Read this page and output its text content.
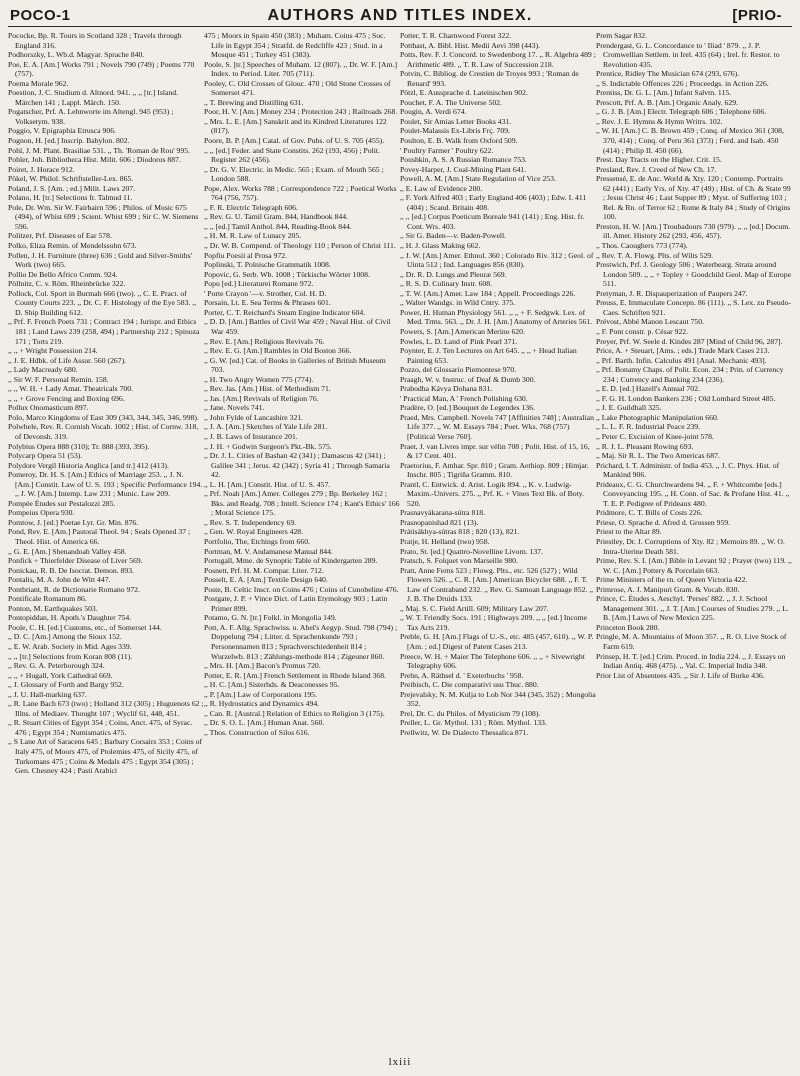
POCO-1	AUTHORS AND TITLES INDEX.	[PRIO-

Pococke, Bp. R. Tours in Scotland 328 ; Travels through England 316.

Podhorszky, L. Wb.d. Magyar. Sprache 840.

Poe, E. A. [Am.] Works 791 ; Novels 790 (749) ; Poems 770 (757).

Poema Morale 962.

Poestion, J. C. Studium d. Altnord. 941. ,, ,, [tr.] Island. Märchen 141 ; Lappl. Märch. 150.

Pogatscher, Prf. A. Lehnworte im Altengl. 945 (953) ; Volksetym. 938.

Poggio, V. Epigraphia Etrusca 906.

Pognon, H. [ed.] Inscrip. Babylon. 802.

Pohl, J. M. Plant. Brasiliae 531. ,, Th. 'Roman de Rou' 995.

Pohler, Joh. Bibliotheca Hist. Milit. 606 ; Diodoros 887.

Poiret, J. Horace 912.

Pökel, W. Philol. Schriftsteller-Lex. 865.

Poland, J. S. [Am. ; ed.] Milit. Laws 207.

Polano, H. [tr.] Selections fr. Talmud 11.

Pole, Dr. Wm. Sir W. Fairbairn 596 ; Philos. of Music 675 (494), of Whist 699 ; Scient. Whist 699 ; Sir C. W. Siemens 596.

Politzer, Prf. Diseases of Ear 578.

Polko, Eliza Remin. of Mendelssohn 673.

Pollen, J. H. Furniture (three) 636 ; Gold and Silver-Smiths' Work (two) 665.

Pollio De Bello Africo Comm. 924.

Pöllnitz, C. v. Röm. Rheinbrücke 322.

Pollock, Col. Sport in Burmah 666 (two). ,, C. E. Pract. of County Courts 223. ,, Dr. C. F. Histology of the Eye 583. ,, D. Ship Building 612.

,, Prf. F. French Poets 731 ; Contract 194 ; Jurispr. and Ethics 181 ; Land Laws 239 (258, 494) ; Partnership 212 ; Spinoza 171 ; Torts 219.

,, ,, + Wright Possession 214.

,, J. E. Hdbk. of Life Assur. 560 (267).

,, Lady Macready 680.

,, Sir W. F. Personal Remin. 158.

,, ,, W. H. + Lady Amat. Theatricals 700.

,, ,, + Grove Fencing and Boxing 696.

Pollux Onomasticum 897.

Polo, Marco Kingdoms of East 309 (343, 344, 345, 346, 998).

Polwhele, Rev. R. Cornish Vocab. 1002 ; Hist. of Cornw. 318, of Devonsh. 319.

Polybius Opera 888 (310); Tr. 888 (393, 395).

Polycarp Opera 51 (53).

Polydore Vergil Historia Anglica [and tr.] 412 (413).

Pomeroy, Dr. H. S. [Am.] Ethics of Marriage 253. ,, J. N. [Am.] Constit. Law of U. S. 193 ; Specific Performance 194. ,, J. W. [Am.] Intemp. Law 231 ; Munic. Law 209.

Pompée Études sur Pestalozzi 285.

Pompeius Opera 930.

Pomtow, J. [ed.] Poetae Lyr. Gr. Min. 876.

Pond, Rev. E. [Am.] Pastoral Theol. 94 ; Seals Opened 37 ; Theol. Hist. of America 66.

,, G. E. [Am.] Shenandoah Valley 458.

Ponfick + Thierfelder Disease of Liver 569.

Ponickau, R. B. De Isocrat. Demon. 893.

Pontalis, M. A. John de Witt 447.

Pontbriant, R. de Dictionarie Romano 972.

Pontificale Romanum 86.

Ponton, M. Earthquakes 503.

Pontopiddan, H. Apoth.'s Daughter 754.

Poole, C. H. [ed.] Customs, etc., of Somerset 144.

,, D. C. [Am.] Among the Sioux 152.

,, E. W. Arab. Society in Mid. Ages 339.

,, ,, [tr.] Selections from Koran 808 (11).

,, Rev. G. A. Peterborough 324.

,, ,, + Hugall, York Cathedral 669.

,, J. Glossary of Forth and Bargy 952.

,, J. U. Hall-marking 637.

,, R. Lane Bach 673 (two) ; Holland 312 (305) ; Huguenots 62 ; Illns. of Mediaev. Thought 107 ; Wyclif 61, 448, 451.

,, R. Stuart Cities of Egypt 354 ; Coins, Anct. 475, of Syrac. 476 ; Egypt 354 ; Numismatics 475.

,, S Lane Art of Saracens 645 ; Barbary Corsairs 353 ; Coins of Italy 475, of Moors 475, of Ptolemies 475, of Sicily 475, of Turkomans 475 ; Coins & Medals 475 ; Egypt 354 (305) ; Gen. Chesney 424 ; Pasti Arabici

475 ; Moors in Spain 450 (383) ; Muham. Coins 475 ; Soc. Life in Egypt 354 ; Stratfd. de Redcliffe 423 ; Stud. in a Mosque 451 ; Turkey 451 (383).

Poole, S. [tr.] Speeches of Muham. 12 (807). ,, Dr. W. F. [Am.] Index. to Period. Liter. 705 (711).

Pooley, C. Old Crosses of Glouc. 470 ; Old Stone Crosses of Somerset 471.

,, T. Brewing and Distilling 631.

Poor, H. V. [Am.] Money 234 ; Protection 243 ; Railroads 268.

,, Mrs. L. E. [Am.] Sanskrit and its Kindred Literatures 122 (817).

Poore, B. P. [Am.] Catal. of Gov. Pubs. of U. S. 705 (455).

,, ,, [ed.] Feder. and State Constits. 262 (193, 456) ; Polit. Register 262 (456).

,, Dr. G. V. Electric. in Medic. 565 ; Exam. of Mouth 565 ; London 588.

Pope, Alex. Works 788 ; Correspondence 722 ; Poetical Works 764 (756, 757).

,, F. R. Electric Telegraph 606.

,, Rev. G. U. Tamil Gram. 844, Handbook 844.

,, ,, [ed.] Tamil Anthol. 844, Reading-Book 844.

,, H. M. R. Law of Lunacy 205.

,, Dr. W. B. Compend. of Theology 110 ; Person of Christ 111.

Popfiu Poesii al Prosa 972.

Poplinski, T. Polnische Grammatik 1008.

Popovic, G. Serb. Wb. 1008 ; Türkische Wörter 1008.

Popu [ed.] Literaturei Romane 972.

' Porte Crayon '—v. Strother, Col. H. D.

Porsain, Lt. E. Sea Terms & Phrases 601.

Porter, C. T. Reichard's Steam Engine Indicator 604.

,, D. D. [Am.] Battles of Civil War 459 ; Naval Hist. of Civil War 459.

,, Rev. E. [Am.] Religious Revivals 76.

,, Rev. E. G. [Am.] Rambles in Old Boston 366.

,, G. W. [ed.] Cat. of Books in Galleries of British Museum 703.

,, H. Two Angry Women 775 (774).

,, Rev. Jas. [Am.] Hist. of Methodism 71.

,, Jas. [Am.] Revivals of Religion 76.

,, Jane. Novels 741.

,, John Fylde of Lancashire 321.

,, J. A. [Am.] Sketches of Yale Life 281.

,, J. B. Laws of Insurance 201.

,, J. H. + Godwin Surgeon's Pkt.-Bk. 575.

,, Dr. J. L. Cities of Bashan 42 (341) ; Damascus 42 (341) ; Galilee 341 ; Jerus. 42 (342) ; Syria 41 ; Through Samaria 42.

,, L. H. [Am.] Constit. Hist. of U. S. 457.

,, Prf. Noah [Am.] Amer. Colleges 279 ; Bp. Berkeley 162 ; Bks. and Readg. 708 ; Intell. Science 174 ; Kant's Ethics' 166 ; Moral Science 175.

,, Rev. S. T. Independency 69.

,, Gen. W. Royal Engineers 428.

Portfolio, The, Etchings from 660.

Portman, M. V. Andamanese Manual 844.

Portugall, Mme. de Synoptic Table of Kindergarten 289.

Posnett, Prf. H. M. Compar. Liter. 712.

Posselt, E. A. [Am.] Textile Design 640.

Poste, B. Celtic Inscr. on Coins 476 ; Coins of Cunobeline 476.

Postgate, J. P. + Vince Dict. of Latin Etymology 903 ; Latin Primer 899.

Potamo, G. N. [tr.] Folkl. in Mongolia 149.

Pott, A. F. Allg. Sprachwiss. u. Abel's Aegyp. Stud. 798 (794) ; Doppelung 794 ; Litter. d. Sprachenkunde 793 ; Personennamen 813 ; Sprachverschiedenheit 814 ; Wurzelwb. 813 ; Zählungs-methode 814 ; Zigeuner 860.

,, Mrs. H. [Am.] Bacon's Promus 720.

Potter, E. R. [Am.] French Settlement in Rhode Island 368.

,, H. C. [Am.] Sisterhds. & Deaconesses 95.

,, P. [Am.] Law of Corporations 195.

,, R. Hydrostatics and Dynamics 494.

,, Can. R. [Austral.] Relation of Ethics to Religion 3 (175).

,, Dr. S. O. L. [Am.] Human Anat. 560.

,, Thos. Construction of Silos 616.

Potter, T. R. Charnwood Forest 322.

Potthast, A. Bibl. Hist. Medii Aevi 398 (443).

Potts, Rev. F. J. Concord. to Swedenborg 17. ,, R. Algebra 489 ; Arithmetic 489. ,, T. R. Law of Succession 218.

Potvin, C. Bibliog. de Crestien de Troyes 993 ; 'Roman de Renard' 993.

Pötzl, E. Aussprache d. Lateinischen 902.

Pouchet, F. A. The Universe 502.

Pougin, A. Verdi 674.

Poulet, Sir Amias Letter Books 431.

Poulet-Malassis Ex-Libris Frç. 709.

Poulton, E. B. Walk from Oxford 509.

' Poultry Farmer ' Poultry 622.

Poushkin, A. S. A Russian Romance 753.

Povey-Harper, J. Coal-Mining Plant 641.

Powell, A. M. [Am.] State Regulation of Vice 253.

,, E. Law of Evidence 200.

,, F. York Alfred 403 ; Early England 406 (403) ; Edw. I. 411 (404) ; Scand. Britain 408.

,, ,, [ed.] Corpus Poeticum Boreale 941 (141) ; Eng. Hist. fr. Cont. Wrs. 403.

,, Sir G. Baden—v. Baden-Powell.

,, H. J. Glass Making 662.

,, J. W. [Am.] Amer. Ethnol. 360 ; Colorado Riv. 312 ; Geol. of Uinta 512 ; Ind. Languages 856 (830).

,, Dr. R. D. Lungs and Pleuræ 569.

,, R. S. D. Culinary Instr. 608.

,, T. W. [Am.] Amer. Law 184 ; Appell. Proceedings 226.

,, Walter Wandgs. in Wild Cntry. 375.

Power, H. Human Physiology 561. ,, ,, + F. Sedgwk. Lex. of Med. Trms. 563. ,, Dr. J. H. [Am.] Anatomy of Arteries 561.

Powers, S. [Am.] American Merino 620.

Powles, L. D. Land of Pink Pearl 371.

Poynter, E. J. Ten Lectures on Art 645. ,, ,, + Head Italian Painting 653.

Pozzo, del Glossario Piemontese 970.

Praagh, W. v. Instruc. of Deaf & Dumb 300.

Prabodha Kávya Dohana 831.

' Practical Man, A ' French Polishing 630.

Pradère, O. [ed.] Bouquet de Legendes 136.

Praed, Mrs. Campbell. Novels 747 [Affinities 748] ; Australian Life 377. ,, W. M. Essays 784 ; Poet. Wks. 768 (757) [Political Verse 760].

Praet, J. van Livres impr. sur vélin 708 ; Polit. Hist. of 15, 16, & 17 Cent. 401.

Praetorius, F. Amhar. Spr. 810 ; Gram. Aethiop. 809 ; Himjar. Inschr. 805 ; Tigriña Gramm. 810.

Prantl, C. Entwick. d. Arist. Logik 894. ,, K. v. Ludwig-Maxim.-Univers. 275. ,, Prf. K. + Vines Text Bk. of Boty. 520.

Prasnavyákarana-sútra 818.

Prasnopanishad 821 (13).

Prátisákhya-sútras 818 ; 820 (13), 821.

Pratje, H. Helland (two) 958.

Prato, St. [ed.] Quattro-Novelline Livorn. 137.

Pratsch, S. Folquet von Marseille 980.

Pratt, Anne Ferns 523 ; Flowg. Plts., etc. 526 (527) ; Wild Flowers 526. ,, C. R. [Am.] American Bicycler 688. ,, F. T. Law of Contraband 232. ,, Rev. G. Samoan Language 852. ,, J. B. The Druids 133.

,, Maj. S. C. Field Artill. 609; Military Law 207.

,, W. T. Friendly Socs. 191 ; Highways 209. ,, ,, [ed.] Income Tax Acts 219.

Preble, G. H. [Am.] Flags of U.-S., etc. 485 (457, 610). ,, W. P. [Am. ; ed.] Digest of Patent Cases 213.

Preece, W. H. + Maier The Telephone 606. ,, ,, + Sivewright Telegraphy 606.

Prehn, A. Räthsel d. ' Exeterbuchs ' 958.

Preibisch, C. Die comparativi usu Thuc. 880.

Prejevalsky, N. M. Kulja to Lob Nor 344 (345, 352) ; Mongolia 352.

Prel, Dr. C. du Philos. of Mysticism 79 (108).

Preller, L. Gr. Mythol. 131 ; Röm. Mythol. 133.

Prellwitz, W. De Dialecto Thessalica 871.

Prem Sagar 832.

Prendergast, G. L. Concordance to ' Iliad ' 879. ,, J. P. Cromwellian Settlem. in Irel. 435 (64) ; Irel. fr. Restor. to Revolution 435.

Prentice, Ridley The Musician 674 (293, 676).

,, S. Indictable Offences 226 ; Proceedgs. in Action 226.

Prentiss, Dr. G. L. [Am.] Infant Salvtn. 115.

Prescott, Prf. A. B. [Am.] Organic Analy. 629.

,, G. J. B. [Am.] Electr. Telegraph 606 ; Telephone 606.

,, Rev. J. E. Hymns & Hymn Writrs. 102.

,, W. H. [Am.] C. B. Brown 459 ; Conq. of Mexico 361 (308, 370, 414) ; Conq. of Peru 361 (373) ; Ferd. and Isab. 450 (414) ; Philip II. 450 (66).

Prest. Day Tracts on the Higher. Crit. 15.

Presland, Rev. J. Creed of New Ch. 17.

Pressensé, E. de Anc. World & Xty. 120 ; Contemp. Portraits 62 (441) ; Early Yrs. of Xty. 47 (49) ; Hist. of Ch. & State 99 ; Jesus Christ 46 ; Last Supper 89 ; Myst. of Suffering 103 ; Rel. & Rn. of Terror 62 ; Rome & Italy 84 ; Study of Origins 100.

Preston, H. W. [Am.] Troubadours 730 (979). ,, ,, [ed.] Docum. ill. Amer. History 262 (293, 456, 457).

,, Thos. Caoughers 773 (774).

,, Rev. T. A. Flowg. Plts. of Wilts 529.

Prestwich, Prf. J. Geology 506 ; Waterbearg. Strata around London 509. ,, ,, + Topley + Goodchild Geol. Map of Europe 511.

Pretyman, J. R. Dispauperization of Paupers 247.

Preuss, E. Immaculate Concepn. 86 (111). ,, S. Lex. zu Pseudo-Caes. Schriften 921.

Prévost, Abbé Manon Lescaut 750.

,, F. Pont constr. p. César 922.

Preyer, Prf. W. Seele d. Kindes 287 [Mind of Child 96, 287].

Price, A. + Steuart, [Ams. ; eds.] Trade Mark Cases 213.

,, Prf. Barth. Infin. Calculus 491 [Anal. Mechanic 493].

,, Prf. Bonamy Chaps. of Polit. Econ. 234 ; Prin. of Currency 234 ; Currency and Banking 234 (236).

,, E. D. [ed.] Hazell's Annual 702.

,, F. G. H. London Bankers 236 ; Old Lombard Street 485.

,, J. E. Guildhall 325.

,, Lake Photographic Manipulation 660.

,, L. L. F. R. Industrial Peace 239.

,, Peter C. Excision of Knee-joint 578.

,, R. J. L. Pleasant Rowing 693.

,, Maj. Sir R. L. The Two Americas 687.

Prichard, I. T. Administr. of India 453. ,, J. C. Phys. Hist. of Mankind 906.

Prideaux, C. G. Churchwardens 94. ,, F. + Whitcombe [eds.] Conveyancing 195. ,, H. Conn. of Sac. & Profane Hist. 41. ,, T. E. P. Pedigree of Prideaux 480.

Pridmore, C. T. Bills of Costs 226.

Priese, O. Sprache d. Afred d. Grossen 959.

Priest to the Altar 89.

Priestley, Dr. J. Corruptions of Xty. 82 ; Memoirs 89. ,, W. O. Intra-Uterine Death 581.

Prime, Rev. S. I. [Am.] Bible in Levant 92 ; Prayer (two) 119. ,, W. C. [Am.] Pottery & Porcelain 663.

Prime Ministers of the rn. of Queen Victoria 422.

Primrose, A. J. Manipuri Gram. & Vocab. 830.

Prince, C. Études s. Aeschyl. 'Perses' 882. ,, J. J. School Management 301. ,, J. T. [Am.] Courses of Studies 279. ,, L. B. [Am.] Laws of New Mexico 225.

Princeton Book 280.

Pringle, M. A. Mountains of Moon 357. ,, R. O. Live Stock of Farm 619.

Prinsep, H. T. [ed.] Crim. Proced. in India 224. ,, J. Essays on Indian Antiq. 468 (475). ,, Val. C. Imperial India 348.

Prior List of Absentees 435. ,, Sir J. Life of Burke 436.

lxiii
